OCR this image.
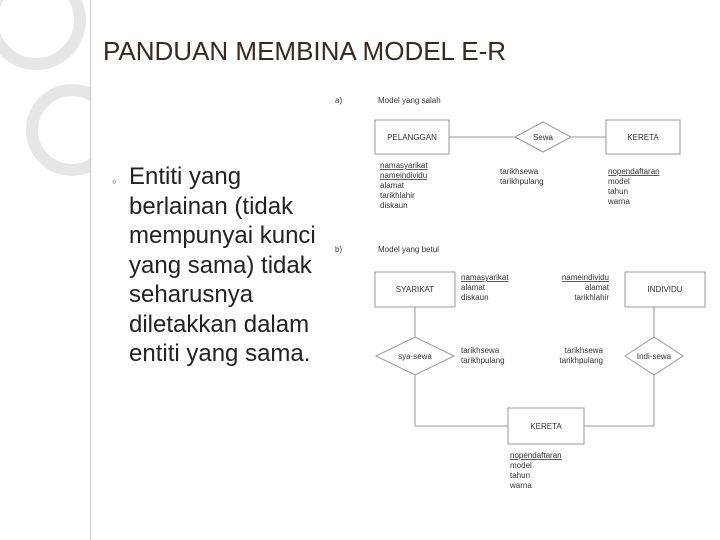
PANDUAN MEMBINA MODEL E-R
◦ Entiti yang berlainan (tidak mempunyai kunci yang sama) tidak seharusnya diletakkan dalam entiti yang sama.
a)	Model yang salah
PELANGGAN	Sewa	KERETA
b)	Model yang betul
SYARIKAT	INDIVIDU
KERETA
sya-sewa	Indi-sewa
namasyarikat
nameindividu
alamat
tarikhlahir
diskaun
tarikhsewa
tarikhpulang
nopendaftaran
model
tahun
warna
namasyarikat
alamat
diskaun
nameindividu
alamat
tarikhlahir
tarikhsewa
tarikhpulang
tarikhsewa
tarikhpulang
nopendaftaran
model
tahun
warna
